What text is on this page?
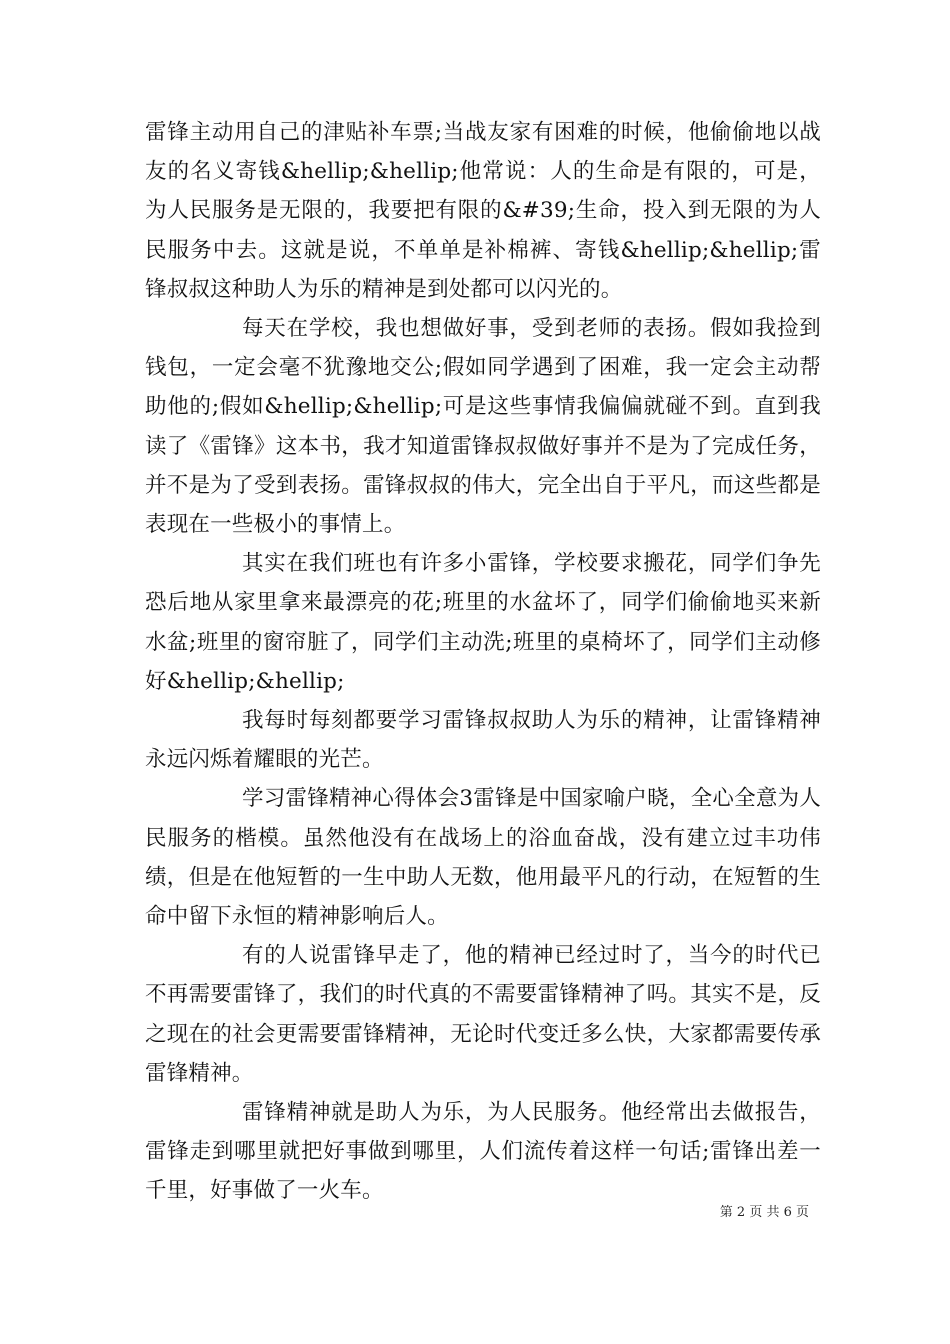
雷锋主动用自己的津贴补车票;当战友家有困难的时候，他偷偷地以战友的名义寄钱&hellip;&hellip;他常说：人的生命是有限的，可是，为人民服务是无限的，我要把有限的&#39;生命，投入到无限的为人民服务中去。这就是说，不单单是补棉裤、寄钱&hellip;&hellip;雷锋叔叔这种助人为乐的精神是到处都可以闪光的。

每天在学校，我也想做好事，受到老师的表扬。假如我捡到钱包，一定会毫不犹豫地交公;假如同学遇到了困难，我一定会主动帮助他的;假如&hellip;&hellip;可是这些事情我偏偏就碰不到。直到我读了《雷锋》这本书，我才知道雷锋叔叔做好事并不是为了完成任务，并不是为了受到表扬。雷锋叔叔的伟大，完全出自于平凡，而这些都是表现在一些极小的事情上。

其实在我们班也有许多小雷锋，学校要求搬花，同学们争先恐后地从家里拿来最漂亮的花;班里的水盆坏了，同学们偷偷地买来新水盆;班里的窗帘脏了，同学们主动洗;班里的桌椅坏了，同学们主动修好&hellip;&hellip;

我每时每刻都要学习雷锋叔叔助人为乐的精神，让雷锋精神永远闪烁着耀眼的光芒。

学习雷锋精神心得体会3雷锋是中国家喻户晓，全心全意为人民服务的楷模。虽然他没有在战场上的浴血奋战，没有建立过丰功伟绩，但是在他短暂的一生中助人无数，他用最平凡的行动，在短暂的生命中留下永恒的精神影响后人。

有的人说雷锋早走了，他的精神已经过时了，当今的时代已不再需要雷锋了，我们的时代真的不需要雷锋精神了吗。其实不是，反之现在的社会更需要雷锋精神，无论时代变迁多么快，大家都需要传承雷锋精神。

雷锋精神就是助人为乐，为人民服务。他经常出去做报告，雷锋走到哪里就把好事做到哪里，人们流传着这样一句话;雷锋出差一千里，好事做了一火车。

第 2 页 共 6 页
